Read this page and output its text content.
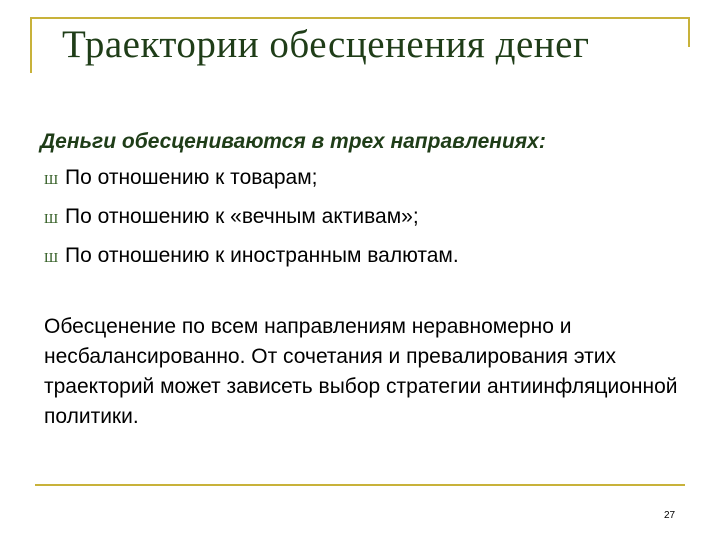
Траектории обесценения денег
Деньги обесцениваются в трех направлениях:
Ш По отношению к товарам;
Ш По отношению к «вечным активам»;
Ш По отношению к иностранным валютам.

Обесценение по всем направлениям неравномерно и несбалансированно. От сочетания и превалирования этих траекторий может зависеть выбор стратегии антиинфляционной политики.

27
